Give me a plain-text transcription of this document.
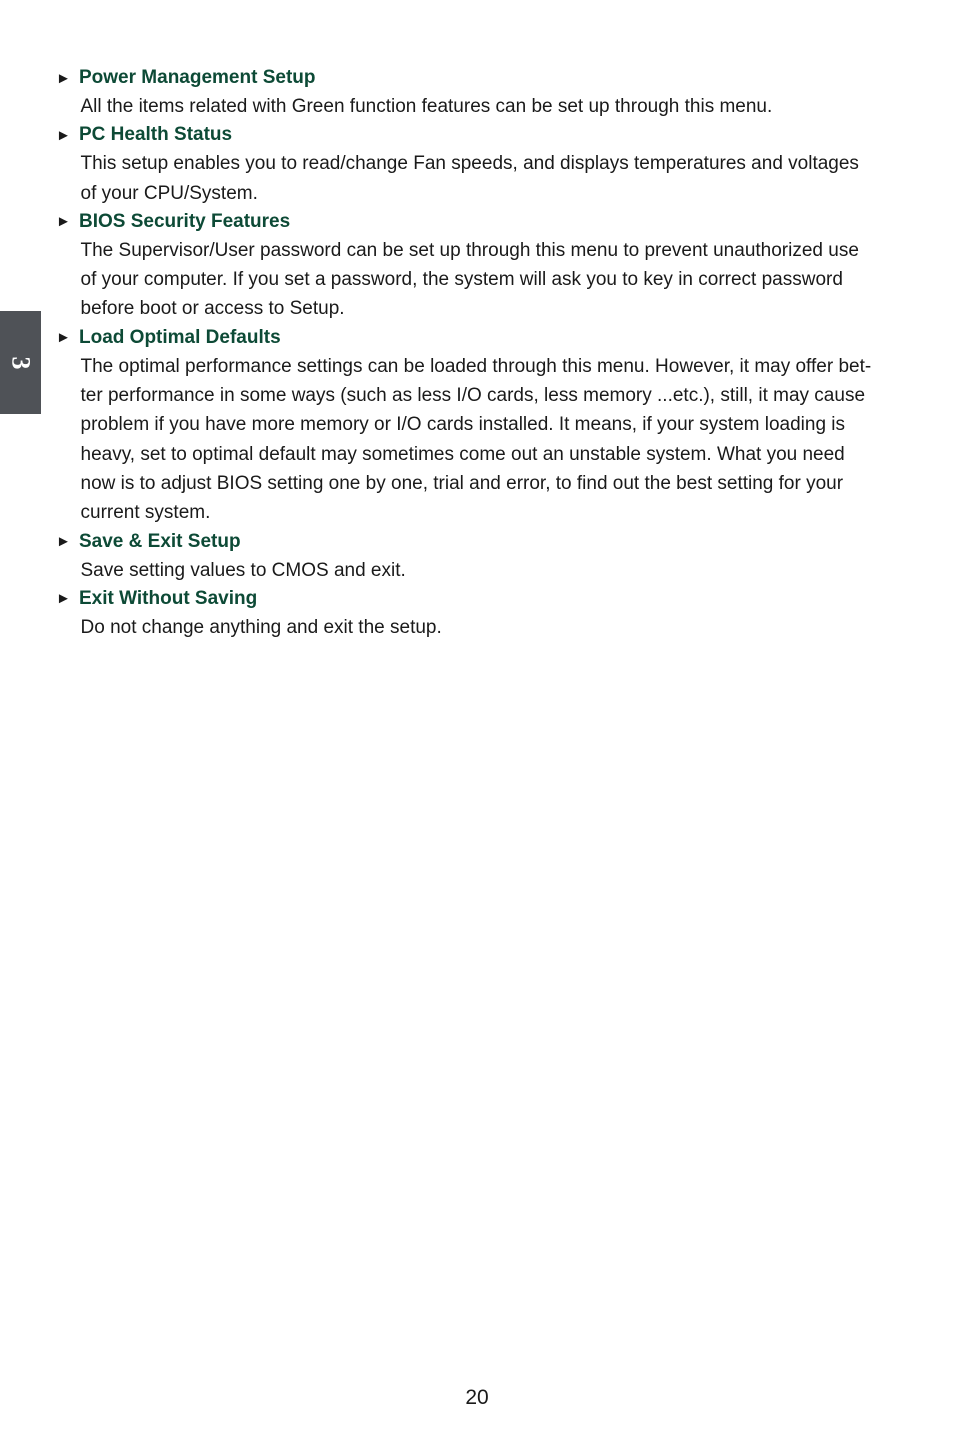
3
► Power Management Setup

All the items related with Green function features can be set up through this menu.

► PC Health Status

This setup enables you to read/change Fan speeds, and displays temperatures and voltages
of your CPU/System.

► BIOS Security Features

The Supervisor/User password can be set up through this menu to prevent unauthorized use
of your computer. If you set a password, the system will ask you to key in correct password
before boot or access to Setup.

► Load Optimal Defaults

The optimal performance settings can be loaded through this menu. However, it may offer bet-
ter performance in some ways (such as less I/O cards, less memory ...etc.), still, it may cause
problem if you have more memory or I/O cards installed. It means, if your system loading is
heavy, set to optimal default may sometimes come out an unstable system. What you need
now is to adjust BIOS setting one by one, trial and error, to find out the best setting for your
current system.

► Save & Exit Setup

Save setting values to CMOS and exit.

► Exit Without Saving

Do not change anything and exit the setup.

20
